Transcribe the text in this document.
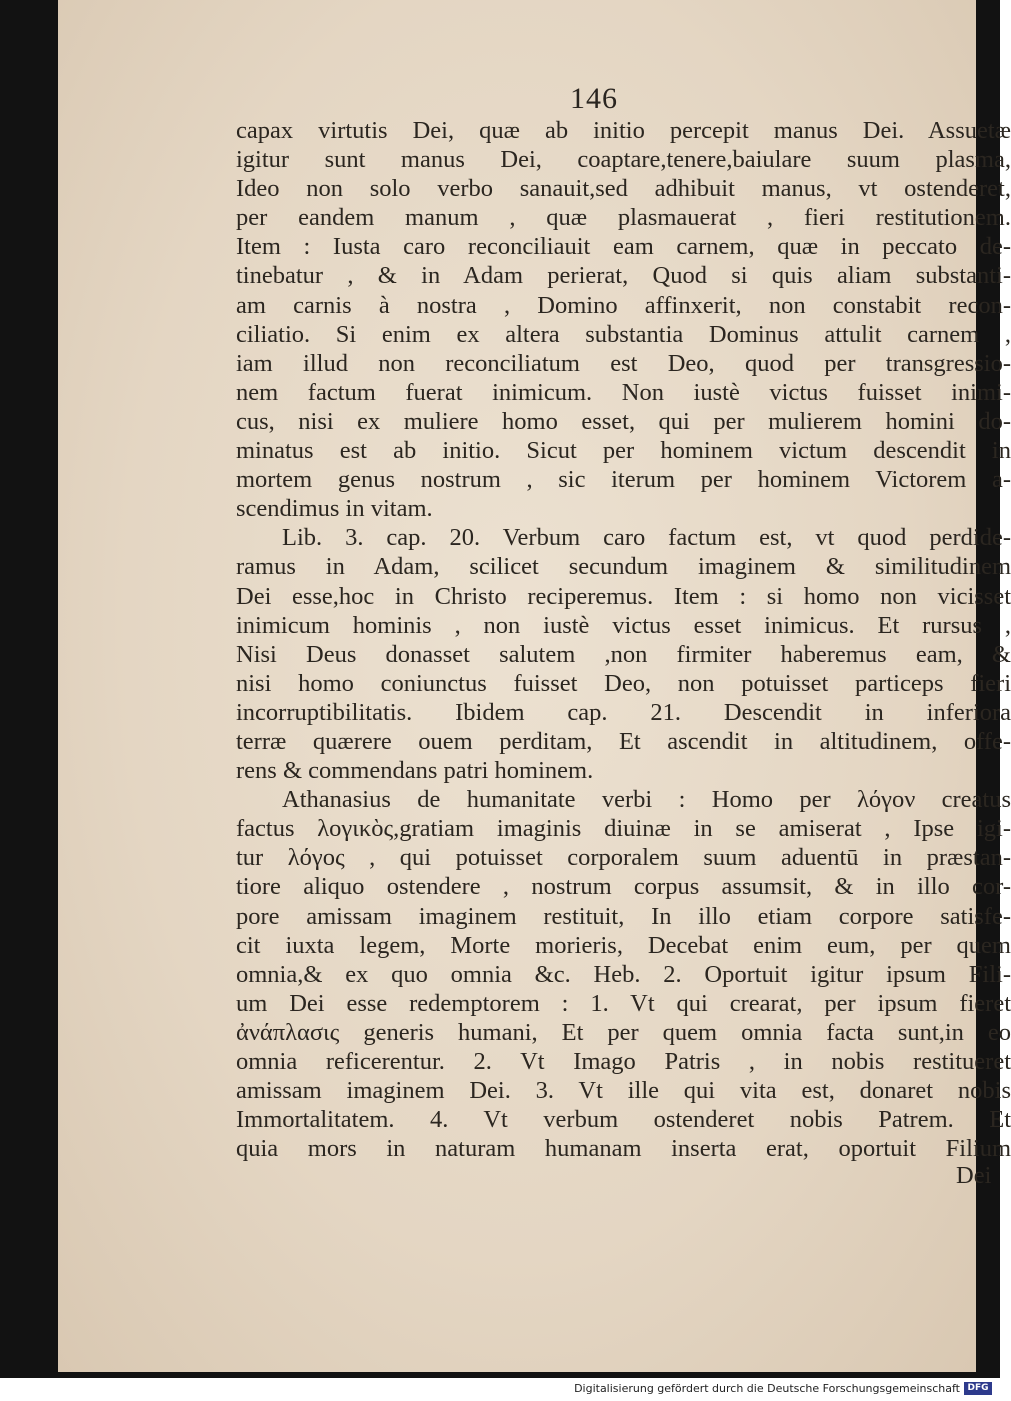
146
capax virtutis Dei, quæ ab initio percepit manus Dei. Assuetæ
igitur sunt manus Dei, coaptare,tenere,baiulare suum plasma,
Ideo non solo verbo sanauit,sed adhibuit manus, vt ostenderet,
per eandem manum , quæ plasmauerat , fieri restitutionem.
Item : Iusta caro reconciliauit eam carnem, quæ in peccato de-
tinebatur , & in Adam perierat, Quod si quis aliam substanti-
am carnis à nostra , Domino affinxerit, non constabit recon-
ciliatio. Si enim ex altera substantia Dominus attulit carnem ,
iam illud non reconciliatum est Deo, quod per transgressio-
nem factum fuerat inimicum. Non iustè victus fuisset inimi-
cus, nisi ex muliere homo esset, qui per mulierem homini do-
minatus est ab initio. Sicut per hominem victum descendit in
mortem genus nostrum , sic iterum per hominem Victorem a-
scendimus in vitam.
Lib. 3. cap. 20. Verbum caro factum est, vt quod perdide-
ramus in Adam, scilicet secundum imaginem & similitudinem
Dei esse,hoc in Christo reciperemus. Item : si homo non vicisset
inimicum hominis , non iustè victus esset inimicus. Et rursus ,
Nisi Deus donasset salutem ,non firmiter haberemus eam, &
nisi homo coniunctus fuisset Deo, non potuisset particeps fieri
incorruptibilitatis. Ibidem cap. 21. Descendit in inferiora
terræ quærere ouem perditam, Et ascendit in altitudinem, offe-
rens & commendans patri hominem.
Athanasius de humanitate verbi : Homo per λόγον creatus
factus λογικὸς,gratiam imaginis diuinæ in se amiserat , Ipse igi-
tur λόγος , qui potuisset corporalem suum aduentū in præstan-
tiore aliquo ostendere , nostrum corpus assumsit, & in illo cor-
pore amissam imaginem restituit, In illo etiam corpore satisfe-
cit iuxta legem, Morte morieris, Decebat enim eum, per quem
omnia,& ex quo omnia &c. Heb. 2. Oportuit igitur ipsum Fili-
um Dei esse redemptorem : 1. Vt qui crearat, per ipsum fieret
ἀνάπλασις generis humani, Et per quem omnia facta sunt,in eo
omnia reficerentur. 2. Vt Imago Patris , in nobis restitueret
amissam imaginem Dei. 3. Vt ille qui vita est, donaret nobis
Immortalitatem. 4. Vt verbum ostenderet nobis Patrem. Et
quia mors in naturam humanam inserta erat, oportuit Filium
Dei
Digitalisierung gefördert durch die Deutsche Forschungsgemeinschaft DFG
